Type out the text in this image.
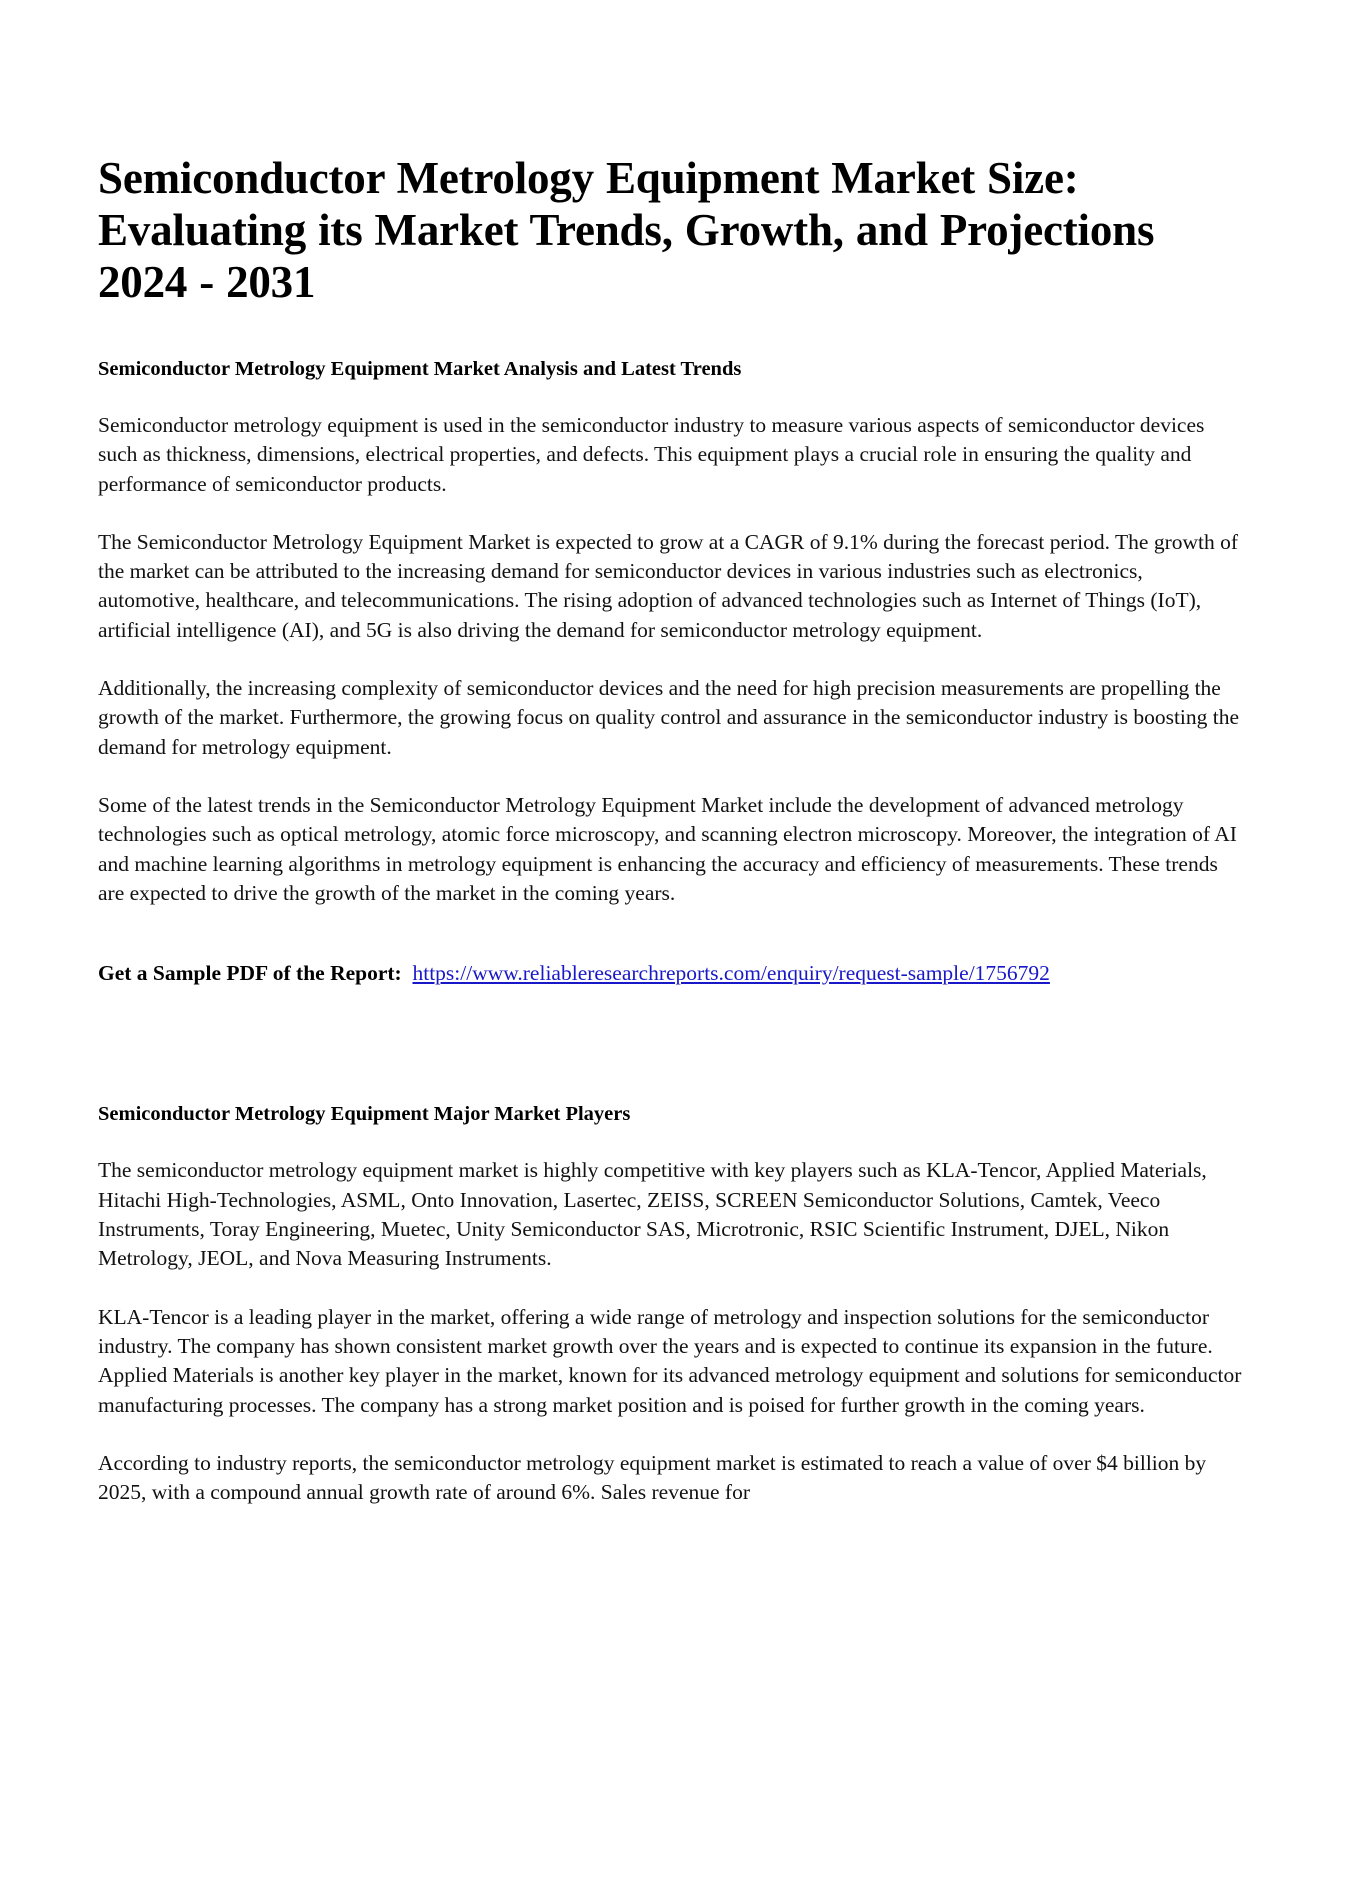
Semiconductor Metrology Equipment Market Size: Evaluating its Market Trends, Growth, and Projections 2024 - 2031
Semiconductor Metrology Equipment Market Analysis and Latest Trends

Semiconductor metrology equipment is used in the semiconductor industry to measure various aspects of semiconductor devices such as thickness, dimensions, electrical properties, and defects. This equipment plays a crucial role in ensuring the quality and performance of semiconductor products.

The Semiconductor Metrology Equipment Market is expected to grow at a CAGR of 9.1% during the forecast period. The growth of the market can be attributed to the increasing demand for semiconductor devices in various industries such as electronics, automotive, healthcare, and telecommunications. The rising adoption of advanced technologies such as Internet of Things (IoT), artificial intelligence (AI), and 5G is also driving the demand for semiconductor metrology equipment.

Additionally, the increasing complexity of semiconductor devices and the need for high precision measurements are propelling the growth of the market. Furthermore, the growing focus on quality control and assurance in the semiconductor industry is boosting the demand for metrology equipment.

Some of the latest trends in the Semiconductor Metrology Equipment Market include the development of advanced metrology technologies such as optical metrology, atomic force microscopy, and scanning electron microscopy. Moreover, the integration of AI and machine learning algorithms in metrology equipment is enhancing the accuracy and efficiency of measurements. These trends are expected to drive the growth of the market in the coming years.

Get a Sample PDF of the Report: https://www.reliableresearchreports.com/enquiry/request-sample/1756792

Semiconductor Metrology Equipment Major Market Players

The semiconductor metrology equipment market is highly competitive with key players such as KLA-Tencor, Applied Materials, Hitachi High-Technologies, ASML, Onto Innovation, Lasertec, ZEISS, SCREEN Semiconductor Solutions, Camtek, Veeco Instruments, Toray Engineering, Muetec, Unity Semiconductor SAS, Microtronic, RSIC Scientific Instrument, DJEL, Nikon Metrology, JEOL, and Nova Measuring Instruments.

KLA-Tencor is a leading player in the market, offering a wide range of metrology and inspection solutions for the semiconductor industry. The company has shown consistent market growth over the years and is expected to continue its expansion in the future. Applied Materials is another key player in the market, known for its advanced metrology equipment and solutions for semiconductor manufacturing processes. The company has a strong market position and is poised for further growth in the coming years.

According to industry reports, the semiconductor metrology equipment market is estimated to reach a value of over $4 billion by 2025, with a compound annual growth rate of around 6%. Sales revenue for
